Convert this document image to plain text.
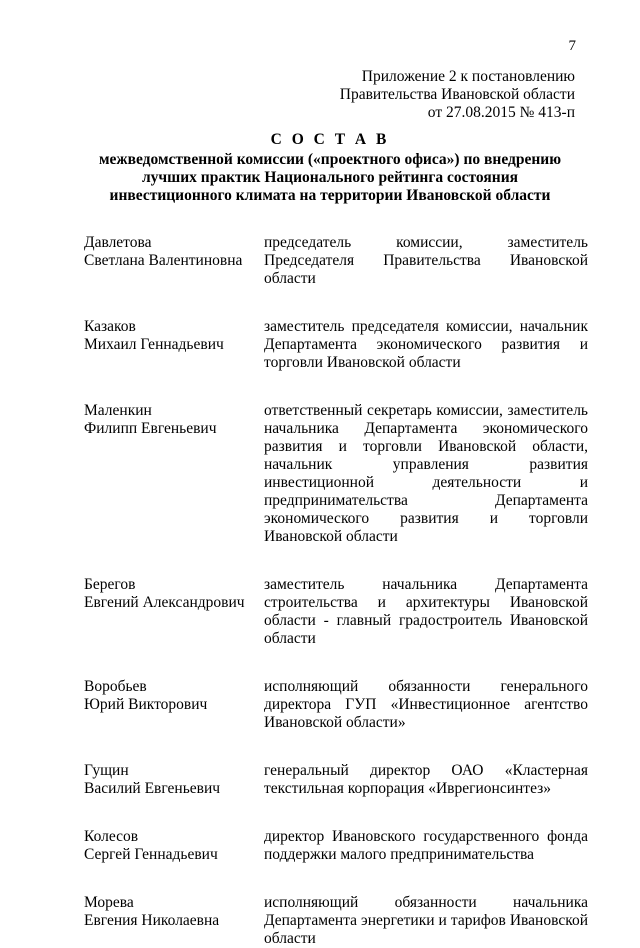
7
Приложение 2 к постановлению
Правительства Ивановской области
от 27.08.2015 № 413-п
С О С Т А В
межведомственной комиссии («проектного офиса») по внедрению
лучших практик Национального рейтинга состояния
инвестиционного климата на территории Ивановской области
Давлетова
Светлана Валентиновна
председатель комиссии, заместитель Председателя Правительства Ивановской области
Казаков
Михаил Геннадьевич
заместитель председателя комиссии, начальник Департамента экономического развития и торговли Ивановской области
Маленкин
Филипп Евгеньевич
ответственный секретарь комиссии, заместитель начальника Департамента экономического развития и торговли Ивановской области, начальник управления развития инвестиционной деятельности и предпринимательства Департамента экономического развития и торговли Ивановской области
Берегов
Евгений Александрович
заместитель начальника Департамента строительства и архитектуры Ивановской области - главный градостроитель Ивановской области
Воробьев
Юрий Викторович
исполняющий обязанности генерального директора ГУП «Инвестиционное агентство Ивановской области»
Гущин
Василий Евгеньевич
генеральный директор ОАО «Кластерная текстильная корпорация «Иврегионсинтез»
Колесов
Сергей Геннадьевич
директор Ивановского государственного фонда поддержки малого предпринимательства
Морева
Евгения Николаевна
исполняющий обязанности начальника Департамента энергетики и тарифов Ивановской области
